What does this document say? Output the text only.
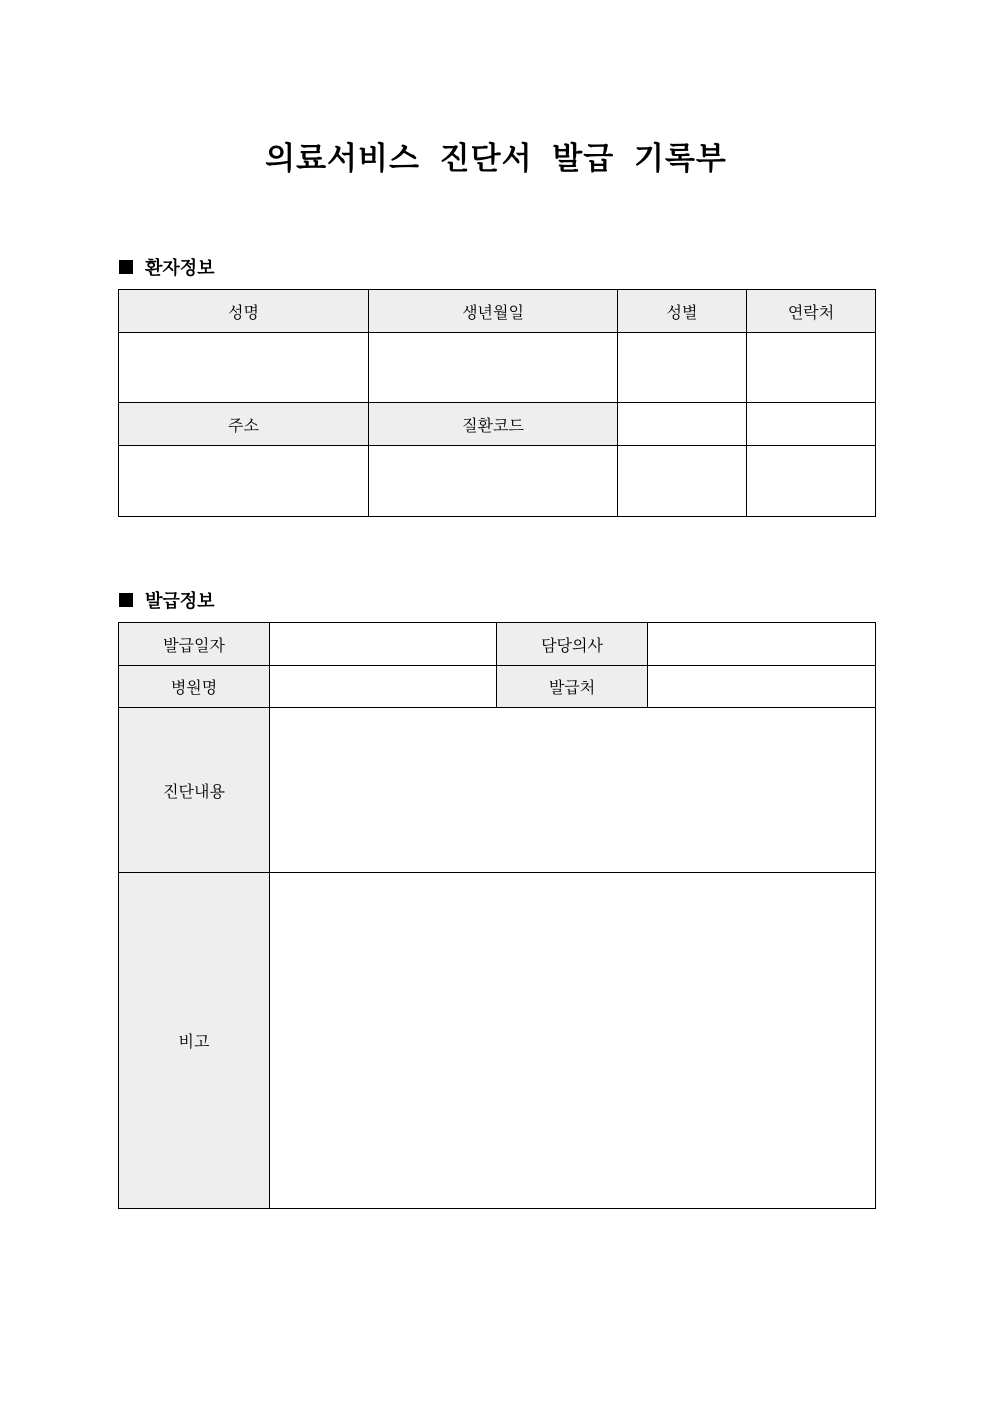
의료서비스 진단서 발급 기록부
환자정보
성명	생년월일	성별	연락처

주소	질환코드		

발급정보
발급일자		담당의사	
병원명		발급처	
진단내용			
비고			
